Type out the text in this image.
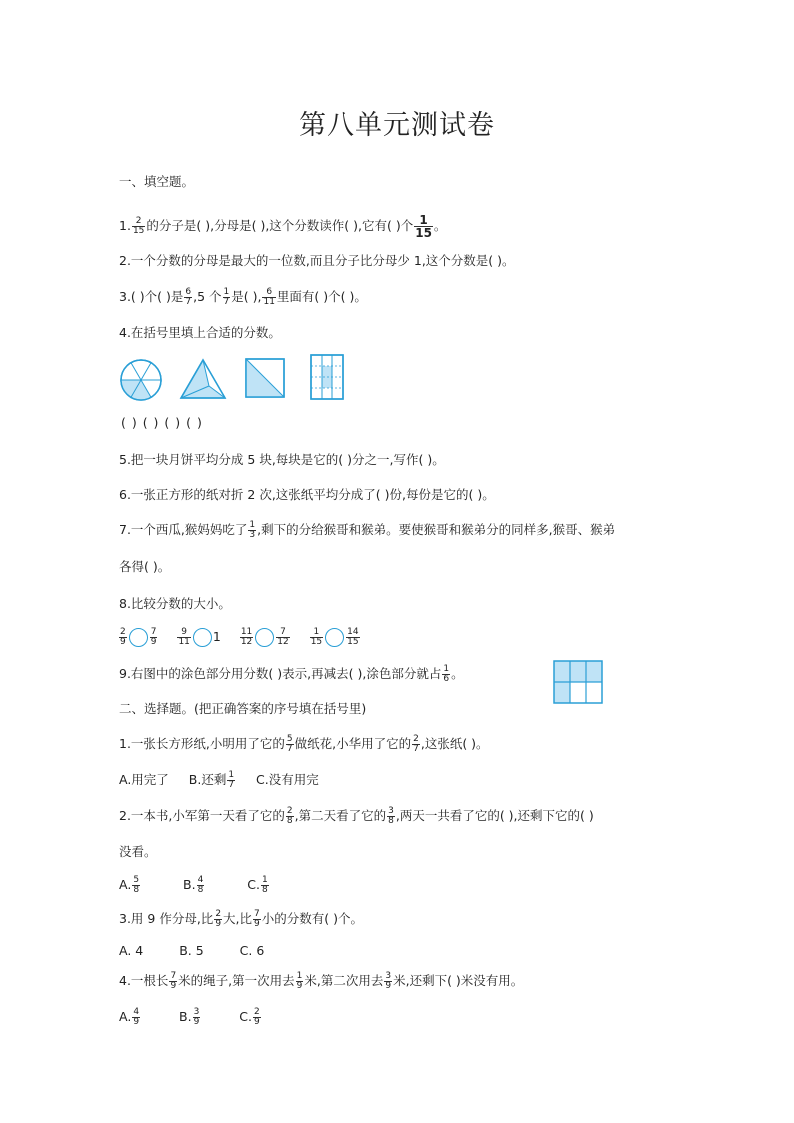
第八单元测试卷
一、填空题。
1. $\frac{2}{15}$ 的分子是( ),分母是( ),这个分数读作( ),它有( )个 $\frac{1}{15}$ 。
2.一个分数的分母是最大的一位数,而且分子比分母少 1,这个分数是( )。
3.( )个( )是 $\frac{6}{7} ,5$ 个 $\frac{1}{7}$ 是( ), $\frac{6}{11}$ 里面有( )个( )。
4.在括号里填上合适的分数。
( ) ( ) ( ) ( )
5.把一块月饼平均分成 5 块,每块是它的( )分之一,写作( )。
6.一张正方形的纸对折 2 次,这张纸平均分成了( )份,每份是它的( )。
7.一个西瓜,猴妈妈吃了 $\frac{1}{3}$ ,剩下的分给猴哥和猴弟。要使猴哥和猴弟分的同样多,猴哥、猴弟
各得( )。
8.比较分数的大小。
$\frac{2}{9}$	$\frac{7}{9}$
$\frac{9}{11} 1 \frac{11}{12}$	$\frac{7}{12}$
$\frac{1}{15}$	$\frac{14}{15}$
9.右图中的涂色部分用分数( )表示,再减去( ),涂色部分就占 $\frac{1}{6}$ 。
二、选择题。(把正确答案的序号填在括号里)
1.一张长方形纸,小明用了它的 $\frac{5}{7}$ 做纸花,小华用了它的 $\frac{2}{7}$ ,这张纸( )。
A.用完了 B.还剩 $\frac{1}{7} C$.没有用完
2.一本书,小军第一天看了它的 $\frac{2}{8}$ ,第二天看了它的 $\frac{3}{8}$ ,两天一共看了它的( ),还剩下它的( )
没看。
A. $\frac{5}{8}$	B. $\frac{4}{8}$	C. $\frac{1}{8}$
3.用 9 作分母,比 $\frac{2}{9}$ 大,比 $\frac{7}{9}$ 小的分数有( )个。
A. 4	B. 5	C. 6
4.一根长 $\frac{7}{9}$ 米的绳子,第一次用去 $\frac{1}{9}$ 米,第二次用去 $\frac{3}{9}$ 米,还剩下( )米没有用。
A. $\frac{4}{9}$	B. $\frac{3}{9}$	C. $\frac{2}{9}$
